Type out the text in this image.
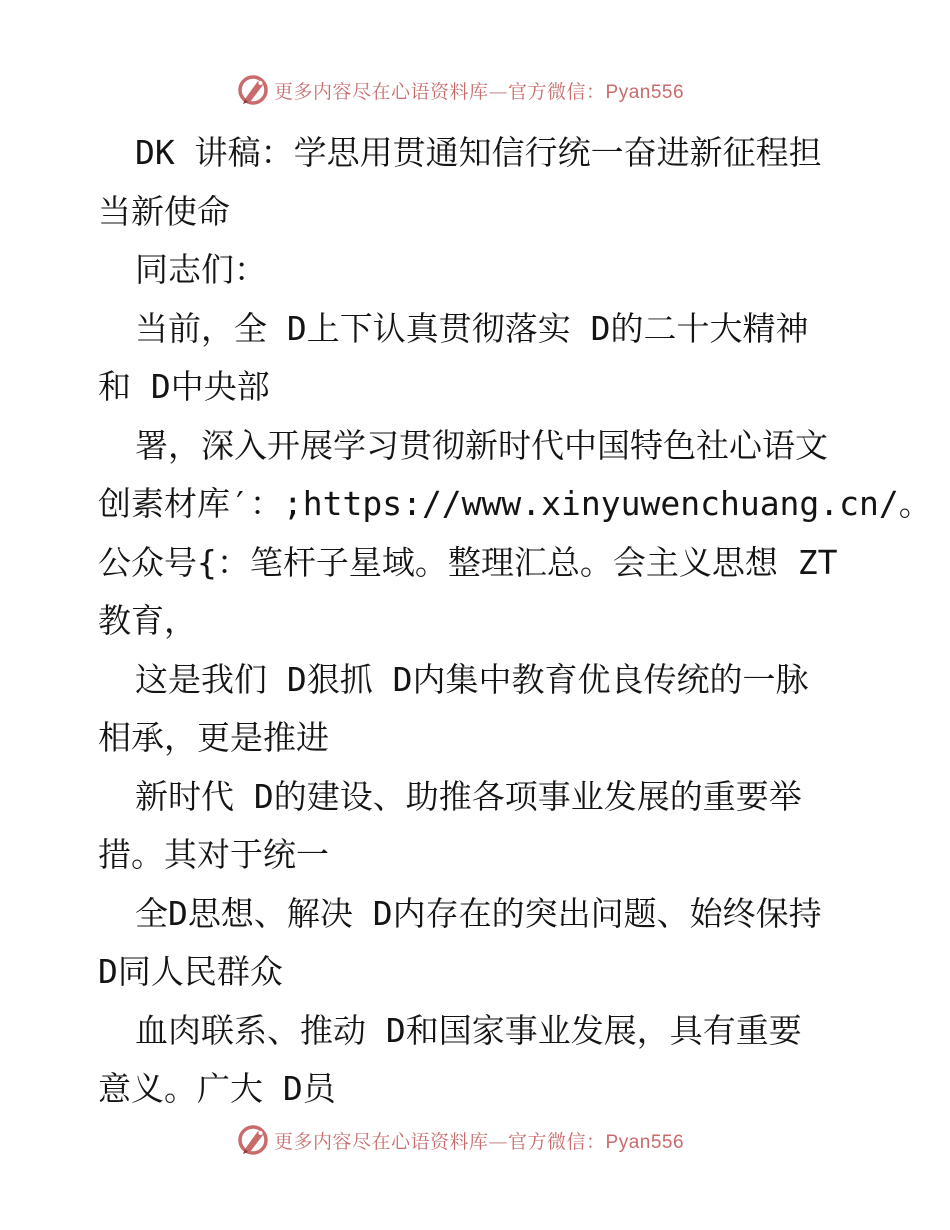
更多内容尽在心语资料库—官方微信：Pyan556
DK 讲稿：学思用贯通知信行统一奋进新征程担
当新使命
同志们：
当前，全 D上下认真贯彻落实 D的二十大精神
和 D中央部
署，深入开展学习贯彻新时代中国特色社心语文
创素材库′：;https://www.xinyuwenchuang.cn/。
公众号{：笔杆子星域。整理汇总。会主义思想 ZT
教育，
这是我们 D狠抓 D内集中教育优良传统的一脉
相承，更是推进
新时代 D的建设、助推各项事业发展的重要举
措。其对于统一
全D思想、解决 D内存在的突出问题、始终保持
D同人民群众
血肉联系、推动 D和国家事业发展，具有重要
意义。广大 D员
更多内容尽在心语资料库—官方微信：Pyan556
